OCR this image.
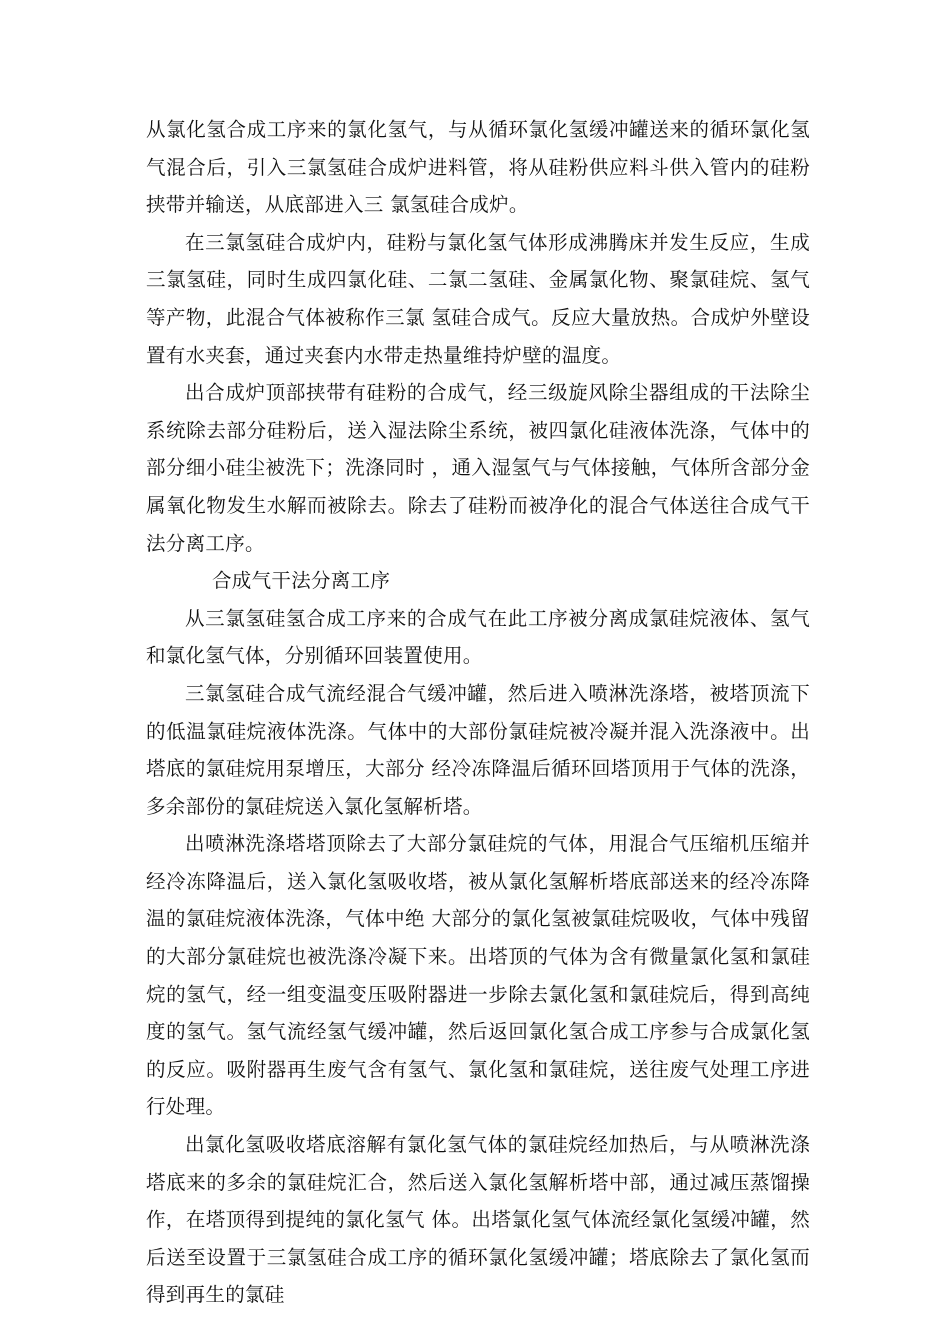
从氯化氢合成工序来的氯化氢气，与从循环氯化氢缓冲罐送来的循环氯化氢气混合后，引入三氯氢硅合成炉进料管，将从硅粉供应料斗供入管内的硅粉挟带并输送，从底部进入三 氯氢硅合成炉。

在三氯氢硅合成炉内，硅粉与氯化氢气体形成沸腾床并发生反应，生成三氯氢硅，同时生成四氯化硅、二氯二氢硅、金属氯化物、聚氯硅烷、氢气等产物，此混合气体被称作三氯 氢硅合成气。反应大量放热。合成炉外壁设置有水夹套，通过夹套内水带走热量维持炉壁的温度。

出合成炉顶部挟带有硅粉的合成气，经三级旋风除尘器组成的干法除尘系统除去部分硅粉后，送入湿法除尘系统，被四氯化硅液体洗涤，气体中的部分细小硅尘被洗下；洗涤同时 ，通入湿氢气与气体接触，气体所含部分金属氧化物发生水解而被除去。除去了硅粉而被净化的混合气体送往合成气干法分离工序。

合成气干法分离工序

从三氯氢硅氢合成工序来的合成气在此工序被分离成氯硅烷液体、氢气和氯化氢气体，分别循环回装置使用。

三氯氢硅合成气流经混合气缓冲罐，然后进入喷淋洗涤塔，被塔顶流下的低温氯硅烷液体洗涤。气体中的大部份氯硅烷被冷凝并混入洗涤液中。出塔底的氯硅烷用泵增压，大部分 经冷冻降温后循环回塔顶用于气体的洗涤，多余部份的氯硅烷送入氯化氢解析塔。

出喷淋洗涤塔塔顶除去了大部分氯硅烷的气体，用混合气压缩机压缩并经冷冻降温后，送入氯化氢吸收塔，被从氯化氢解析塔底部送来的经冷冻降温的氯硅烷液体洗涤，气体中绝 大部分的氯化氢被氯硅烷吸收，气体中残留的大部分氯硅烷也被洗涤冷凝下来。出塔顶的气体为含有微量氯化氢和氯硅烷的氢气，经一组变温变压吸附器进一步除去氯化氢和氯硅烷后，得到高纯度的氢气。氢气流经氢气缓冲罐，然后返回氯化氢合成工序参与合成氯化氢的反应。吸附器再生废气含有氢气、氯化氢和氯硅烷，送往废气处理工序进行处理。

出氯化氢吸收塔底溶解有氯化氢气体的氯硅烷经加热后，与从喷淋洗涤塔底来的多余的氯硅烷汇合，然后送入氯化氢解析塔中部，通过减压蒸馏操作，在塔顶得到提纯的氯化氢气 体。出塔氯化氢气体流经氯化氢缓冲罐，然后送至设置于三氯氢硅合成工序的循环氯化氢缓冲罐；塔底除去了氯化氢而得到再生的氯硅
